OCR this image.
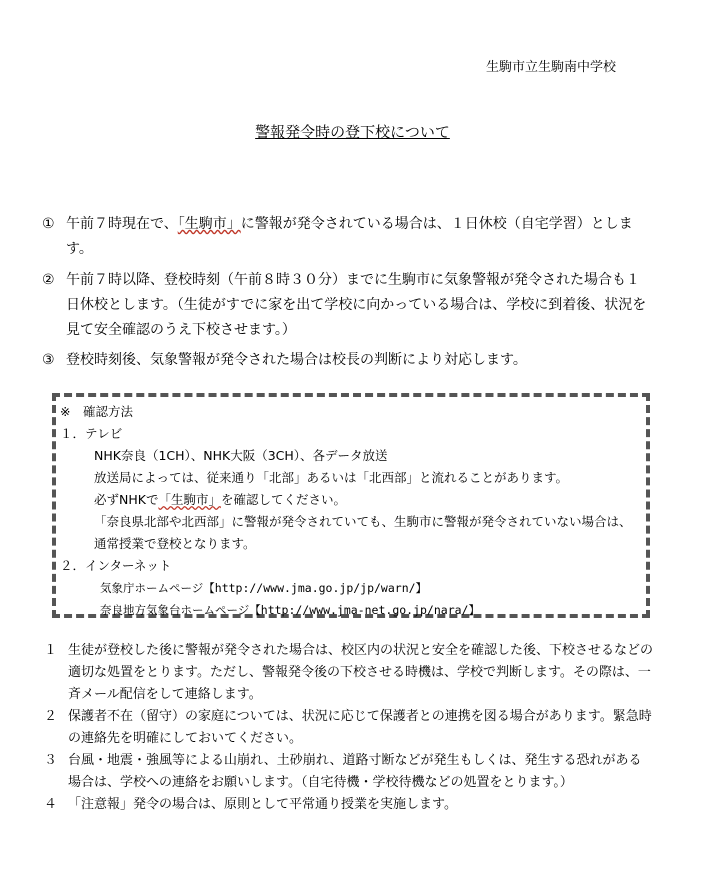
生駒市立生駒南中学校
警報発令時の登下校について
① 午前７時現在で、「生駒市」に警報が発令されている場合は、１日休校（自宅学習）とします。
② 午前７時以降、登校時刻（午前８時３０分）までに生駒市に気象警報が発令された場合も１日休校とします。（生徒がすでに家を出て学校に向かっている場合は、学校に到着後、状況を見て安全確認のうえ下校させます。）
③ 登校時刻後、気象警報が発令された場合は校長の判断により対応します。
※　確認方法
１．テレビ
NHK奈良（1CH）、NHK大阪（3CH）、各データ放送
放送局によっては、従来通り「北部」あるいは「北西部」と流れることがあります。
必ずNHKで「生駒市」を確認してください。
「奈良県北部や北西部」に警報が発令されていても、生駒市に警報が発令されていない場合は、
通常授業で登校となります。
２．インターネット
気象庁ホームページ【http://www.jma.go.jp/jp/warn/】
奈良地方気象台ホームページ【http://www.jma-net.go.jp/nara/】
１ 生徒が登校した後に警報が発令された場合は、校区内の状況と安全を確認した後、下校させるなどの適切な処置をとります。ただし、警報発令後の下校させる時機は、学校で判断します。その際は、一斉メール配信をして連絡します。
２ 保護者不在（留守）の家庭については、状況に応じて保護者との連携を図る場合があります。緊急時の連絡先を明確にしておいてください。
３ 台風・地震・強風等による山崩れ、土砂崩れ、道路寸断などが発生もしくは、発生する恐れがある場合は、学校への連絡をお願いします。（自宅待機・学校待機などの処置をとります。）
４ 「注意報」発令の場合は、原則として平常通り授業を実施します。
